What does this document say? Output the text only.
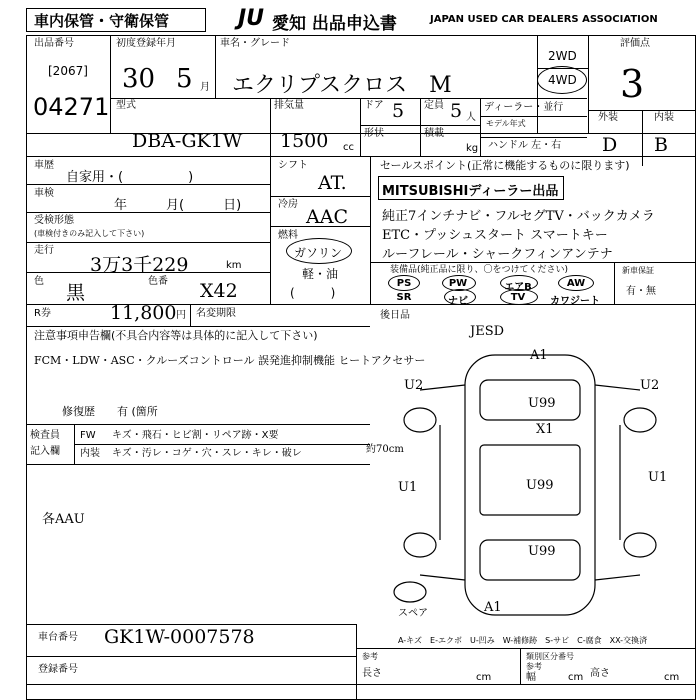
車内保管・守衛保管	JU 愛知 出品申込書	JAPAN USED CAR DEALERS ASSOCIATION
出品番号
[2067]
04271
初度登録年月
30 5 月
車名・グレード
エクリプスクロス　M
2WD
4WD
評価点
3
外装	内装
D B
型式
DBA-GK1W
排気量
1500 cc
ドア 5 定員 5 人
形状	積載
kg
ディーラー・並行
モデル年式
ハンドル 左・右
車歴
自家用・(　　　　　)
車検
年　　　月(　　　日)
受検形態
(車検付きのみ記入して下さい)
走行
3万3千229	km
色
黒
色番 X42
シフト
AT.
冷房
AAC
燃料
ガソリン
軽・油
(　　　)
セールスポイント(正常に機能するものに限ります)
MITSUBISHIディーラー出品
純正7インチナビ・フルセグTV・バックカメラ
ETC・プッシュスタート スマートキー
ルーフレール・シャークフィンアンテナ
装備品(純正品に限り、〇をつけてください)
PS	PW	エアB	AW
SR	ナビ	TV	カワジート
新車保証
有・無
R券	11,800 円 名変期限	後日品
JESD
注意事項申告欄(不具合内容等は具体的に記入して下さい)
FCM・LDW・ASC・クルーズコントロール 誤発進抑制機能 ヒートアクセサー
修復歴　　有 (箇所
検査員
記入欄
FW キズ・飛石・ヒビ割・リペア跡・X要
約70cm
内装 キズ・汚レ・コゲ・穴・スレ・キレ・破レ
各AAU
A1
U2	U2
U99
U1	U99
U1
U99
A1
X1
スペア
A-キズ　E-エクボ　U-凹み　W-補修跡　S-サビ　C-腐食　XX-交換済
車台番号 GK1W-0007578
登録番号
参考	類別区分番号
参考
長さ	cm	幅	cm 高さ	cm
